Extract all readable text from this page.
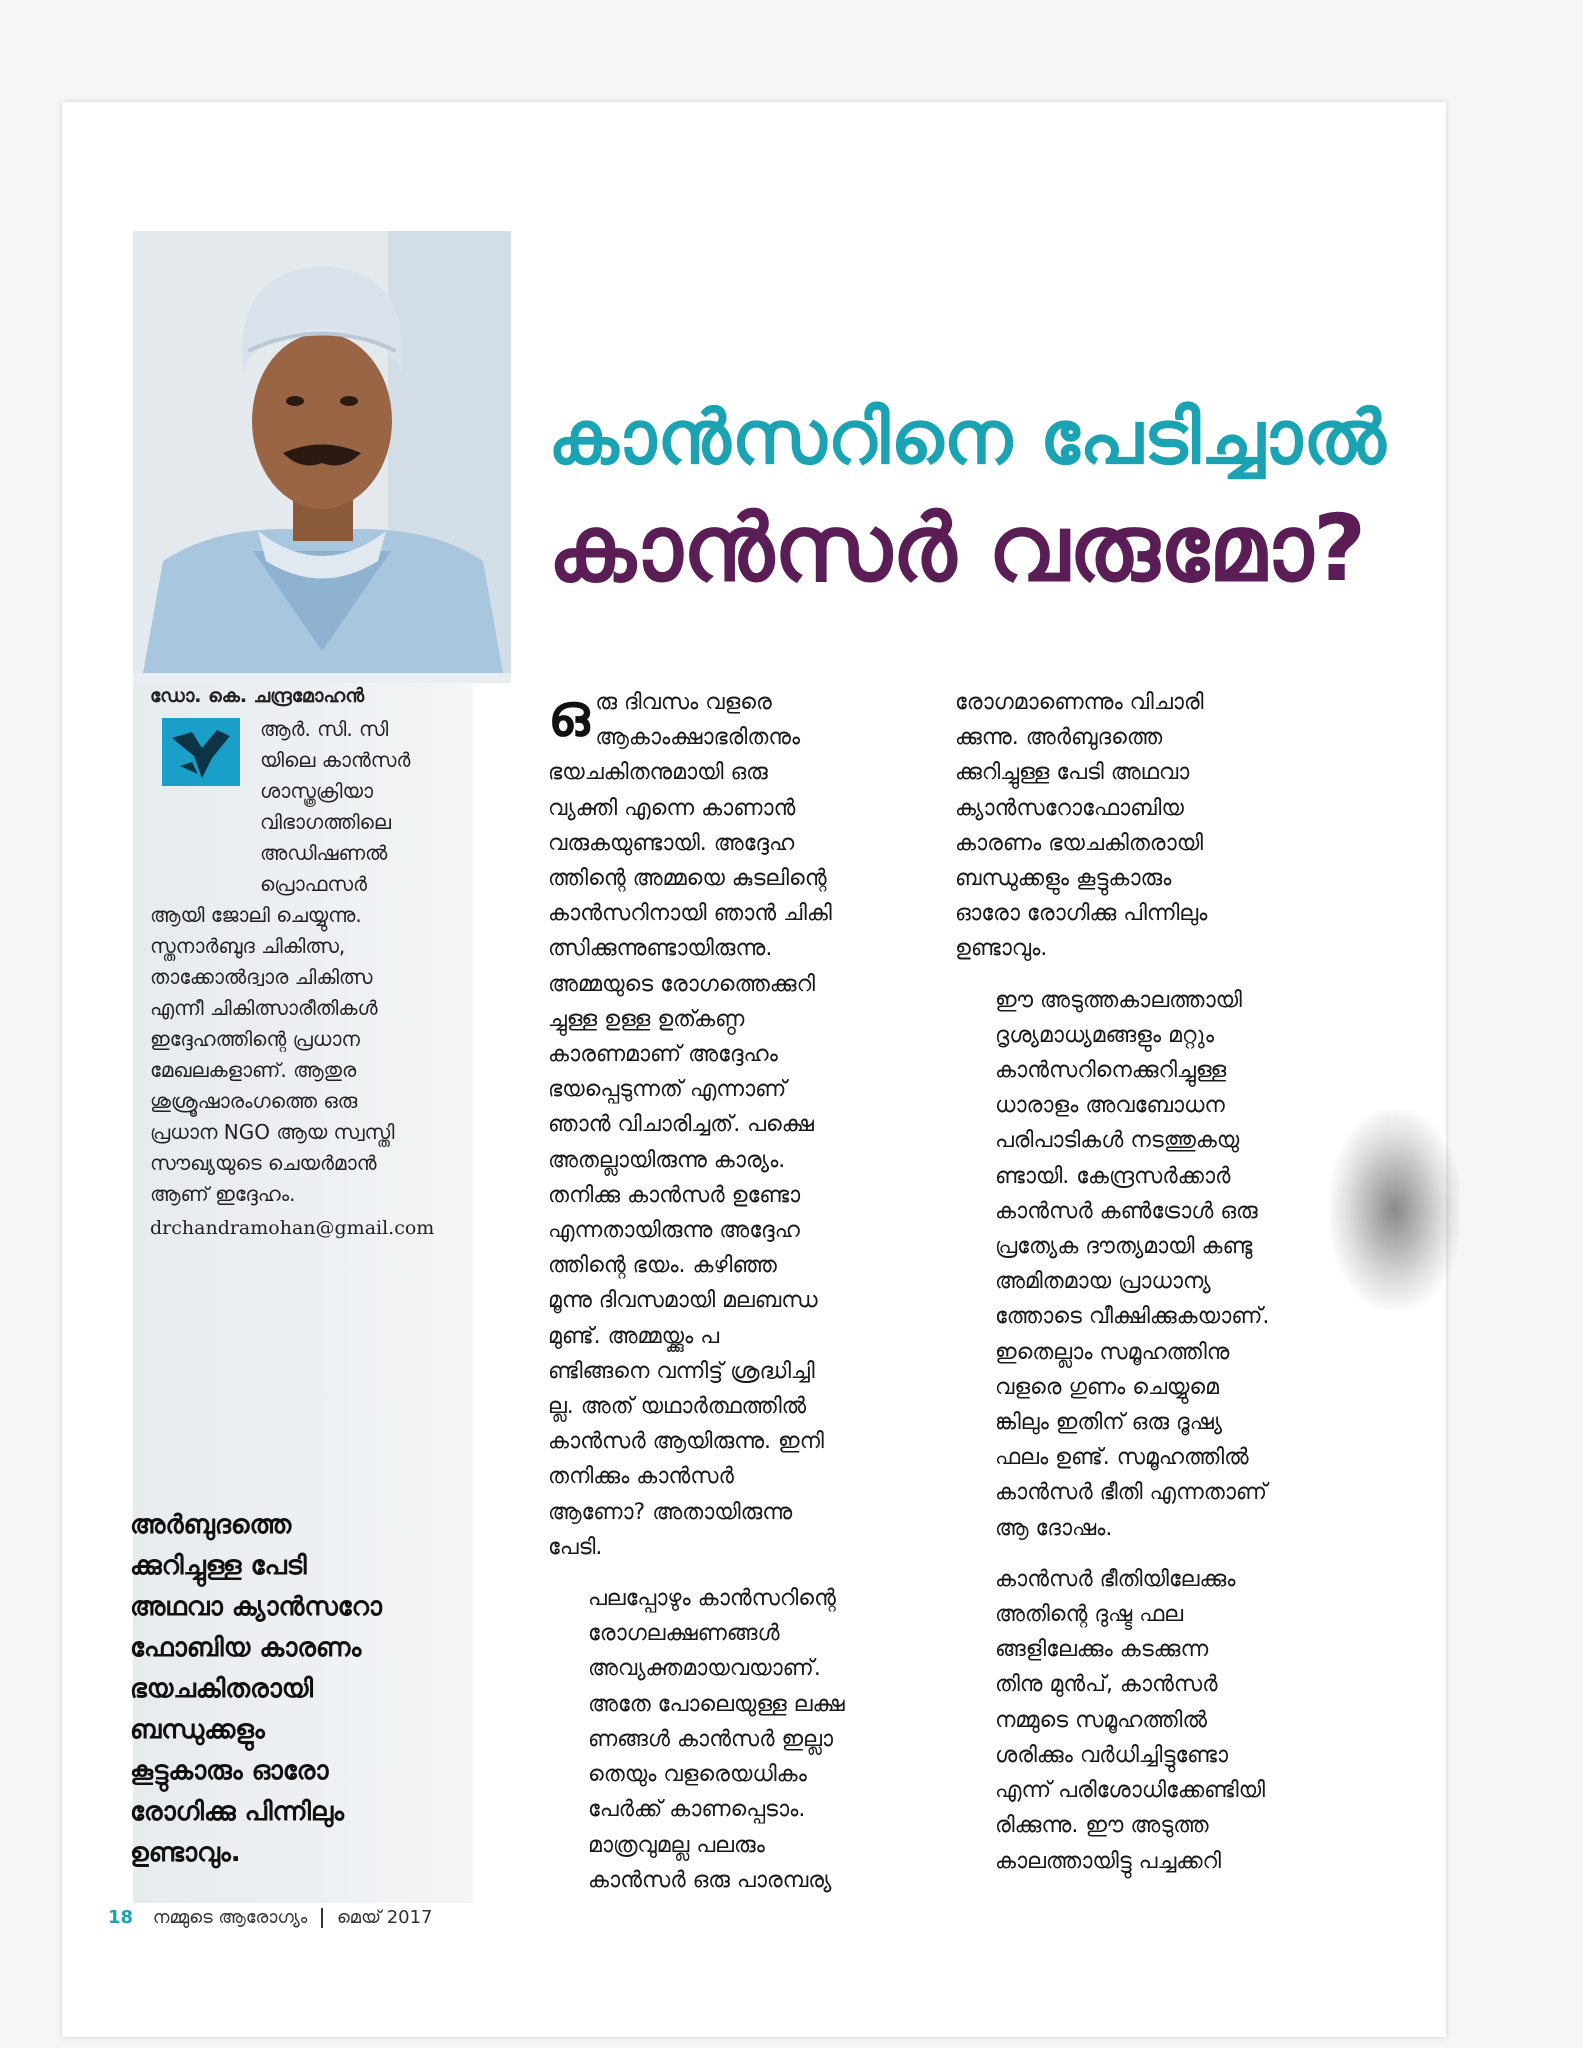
കാൻസറിനെ പേടിച്ചാൽ
കാൻസർ വരുമോ?
ഡോ. കെ. ചന്ദ്രമോഹൻ
ആർ. സി. സി
യിലെ കാൻസർ
ശാസ്ത്രക്രിയാ
വിഭാഗത്തിലെ
അഡിഷണൽ പ്രൊഫസർ
ആയി ജോലി ചെയ്യുന്നു.
സ്തനാർബുദ ചികിത്സ,
താക്കോൽദ്വാര ചികിത്സ
എന്നീ ചികിത്സാരീതികൾ
ഇദ്ദേഹത്തിന്റെ പ്രധാന
മേഖലകളാണ്. ആതുര
ശുശ്രൂഷാരംഗത്തെ ഒരു
പ്രധാന NGO ആയ സ്വസ്തി
സൗഖ്യയുടെ ചെയർമാൻ
ആണ് ഇദ്ദേഹം.
drchandramohan@gmail.com
അർബുദത്തെ
ക്കുറിച്ചുള്ള പേടി
അഥവാ ക്യാൻസറോ
ഫോബിയ കാരണം
ഭയചകിതരായി
ബന്ധുക്കളും
കൂട്ടുകാരും ഓരോ
രോഗിക്കു പിന്നിലും
ഉണ്ടാവും.

ഒ രു ദിവസം വളരെ
ആകാംക്ഷാഭരിതനും
ഭയചകിതനുമായി ഒരു
വ്യക്തി എന്നെ കാണാൻ
വരുകയുണ്ടായി. അദ്ദേഹ
ത്തിന്റെ അമ്മയെ കുടലിന്റെ
കാൻസറിനായി ഞാൻ ചികി
ത്സിക്കുന്നുണ്ടായിരുന്നു.
അമ്മയുടെ രോഗത്തെക്കുറി
ച്ചുള്ള ഉള്ള ഉത്കണ്ഠ
കാരണമാണ് അദ്ദേഹം
ഭയപ്പെടുന്നത് എന്നാണ്
ഞാൻ വിചാരിച്ചത്. പക്ഷെ
അതല്ലായിരുന്നു കാര്യം.
തനിക്കു കാൻസർ ഉണ്ടോ
എന്നതായിരുന്നു അദ്ദേഹ
ത്തിന്റെ ഭയം. കഴിഞ്ഞ
മൂന്നു ദിവസമായി മലബന്ധ
മുണ്ട്. അമ്മയ്ക്കും പ
ണ്ടിങ്ങനെ വന്നിട്ട് ശ്രദ്ധിച്ചി
ല്ല. അത് യഥാർത്ഥത്തിൽ
കാൻസർ ആയിരുന്നു. ഇനി
തനിക്കും കാൻസർ
ആണോ? അതായിരുന്നു
പേടി.

പലപ്പോഴും കാൻസറിന്റെ
രോഗലക്ഷണങ്ങൾ
അവ്യക്തമായവയാണ്.
അതേ പോലെയുള്ള ലക്ഷ
ണങ്ങൾ കാൻസർ ഇല്ലാ
തെയും വളരെയധികം
പേർക്ക് കാണപ്പെടാം.
മാത്രവുമല്ല പലരും
കാൻസർ ഒരു പാരമ്പര്യ

രോഗമാണെന്നും വിചാരി
ക്കുന്നു. അർബുദത്തെ
ക്കുറിച്ചുള്ള പേടി അഥവാ
ക്യാൻസറോഫോബിയ
കാരണം ഭയചകിതരായി
ബന്ധുക്കളും കൂട്ടുകാരും
ഓരോ രോഗിക്കു പിന്നിലും
ഉണ്ടാവും.

ഈ അടുത്തകാലത്തായി
ദൃശ്യമാധ്യമങ്ങളും മറ്റും
കാൻസറിനെക്കുറിച്ചുള്ള
ധാരാളം അവബോധന
പരിപാടികൾ നടത്തുകയു
ണ്ടായി. കേന്ദ്രസർക്കാർ
കാൻസർ കൺട്രോൾ ഒരു
പ്രത്യേക ദൗത്യമായി കണ്ടു
അമിതമായ പ്രാധാന്യ
ത്തോടെ വീക്ഷിക്കുകയാണ്.
ഇതെല്ലാം സമൂഹത്തിനു
വളരെ ഗുണം ചെയ്യുമെ
ങ്കിലും ഇതിന് ഒരു ദൂഷ്യ
ഫലം ഉണ്ട്. സമൂഹത്തിൽ
കാൻസർ ഭീതി എന്നതാണ്
ആ ദോഷം.

കാൻസർ ഭീതിയിലേക്കും
അതിന്റെ ദുഷ്ട ഫല
ങ്ങളിലേക്കും കടക്കുന്ന
തിനു മുൻപ്, കാൻസർ
നമ്മുടെ സമൂഹത്തിൽ
ശരിക്കും വർധിച്ചിട്ടുണ്ടോ
എന്ന് പരിശോധിക്കേണ്ടിയി
രിക്കുന്നു. ഈ അടുത്ത
കാലത്തായിട്ടു പച്ചക്കറി

18 നമ്മുടെ ആരോഗ്യം മെയ് 2017
